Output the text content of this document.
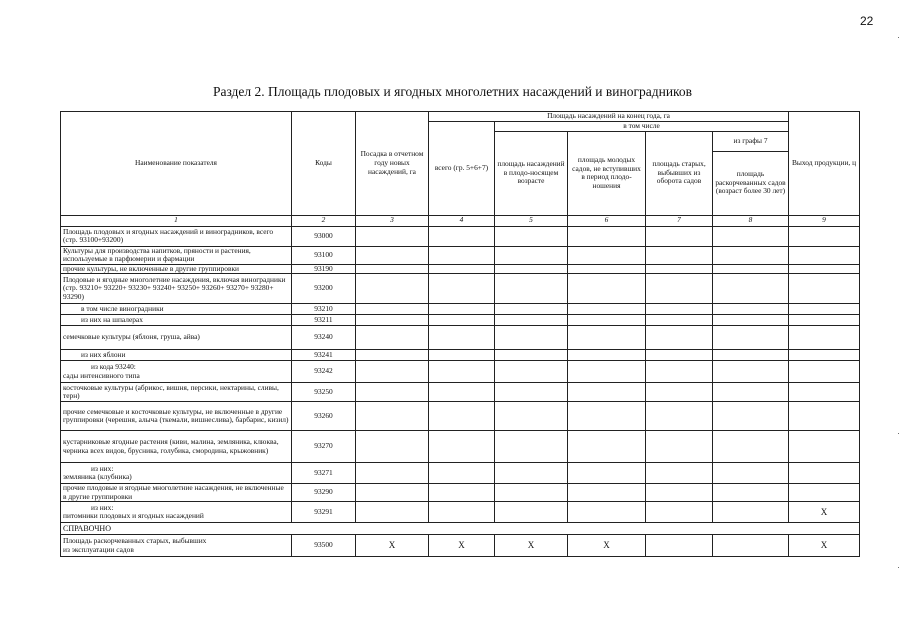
22
Раздел 2. Площадь плодовых и ягодных многолетних насаждений и виноградников
Наименование показателя	Коды	Посадка в отчетном году новых насаждений, га	Площадь насаждений на конец года, га					Выход продукции, ц
			всего (гр. 5+6+7)	в том числе				
				площадь насаждений в плодо-носящем возрасте	площадь молодых садов, не вступивших в период плодо-ношения	площадь старых, выбывших из оборота садов	из графы 7	
							площадь раскорчеванных садов (возраст более 30 лет)	
1	2	3	4	5	6	7	8	9
Площадь плодовых и ягодных насаждений и виноградников, всего (стр. 93100+93200)	93000							
Культуры для производства напитков, пряности и растения, используемые в парфюмерии и фармации	93100							
прочие культуры, не включенные в другие группировки	93190							
Плодовые и ягодные многолетние насаждения, включая виноградники (стр. 93210+ 93220+ 93230+ 93240+ 93250+ 93260+ 93270+ 93280+ 93290)	93200							
в том числе виноградники	93210							
из них на шпалерах	93211							
семечковые культуры (яблоня, груша, айва)	93240							
из них яблони	93241							

из кода 93240:
сады интенсивного типа	93242							
косточковые культуры (абрикос, вишня, персики, нектарины, сливы, терн)	93250							
прочие семечковые и косточковые культуры, не включенные в другие группировки (черешня, алыча (ткемали, вишнеслива), барбарис, кизил)	93260							
кустарниковые ягодные растения (киви, малина, земляника, клюква, черника всех видов, брусника, голубика, смородина, крыжовник)	93270							

из них:
земляника (клубника)	93271							
прочие плодовые и ягодные многолетние насаждения, не включенные в другие группировки	93290							

из них:
питомники плодовых и ягодных насаждений	93291							X
СПРАВОЧНО								

Площадь раскорчеванных старых, выбывших
из эксплуатации садов	93500	X	X	X	X			X
·
·
·
